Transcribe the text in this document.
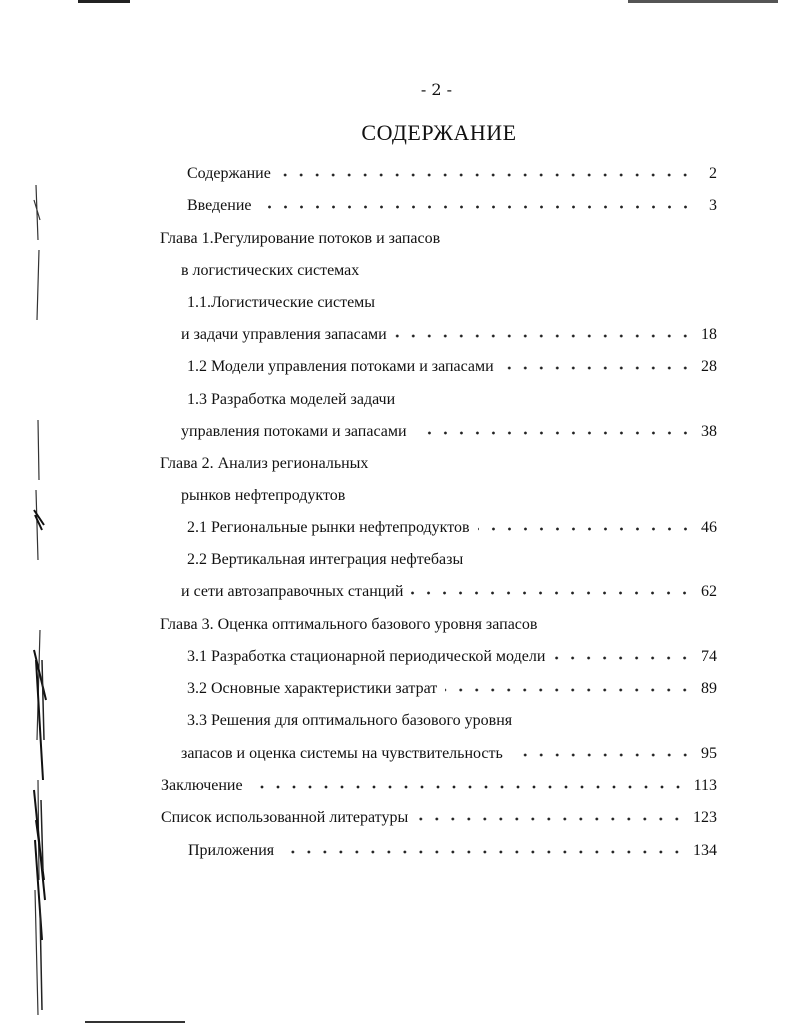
- 2 -
СОДЕРЖАНИЕ
Содержание	2
Введение	3
Глава 1.Регулирование потоков и запасов
в логистических системах
1.1.Логистические системы
и задачи управления запасами	18
1.2 Модели управления потоками и запасами	28
1.3 Разработка моделей задачи
управления потоками и запасами	38
Глава 2. Анализ региональных
рынков нефтепродуктов
2.1 Региональные рынки нефтепродуктов	46
2.2 Вертикальная интеграция нефтебазы
и сети автозаправочных станций	62
Глава 3. Оценка оптимального базового уровня запасов
3.1 Разработка стационарной периодической модели	74
3.2 Основные характеристики затрат	89
3.3 Решения для оптимального базового уровня
запасов и оценка системы на чувствительность	95
Заключение	113
Список использованной литературы	123
Приложения	134
